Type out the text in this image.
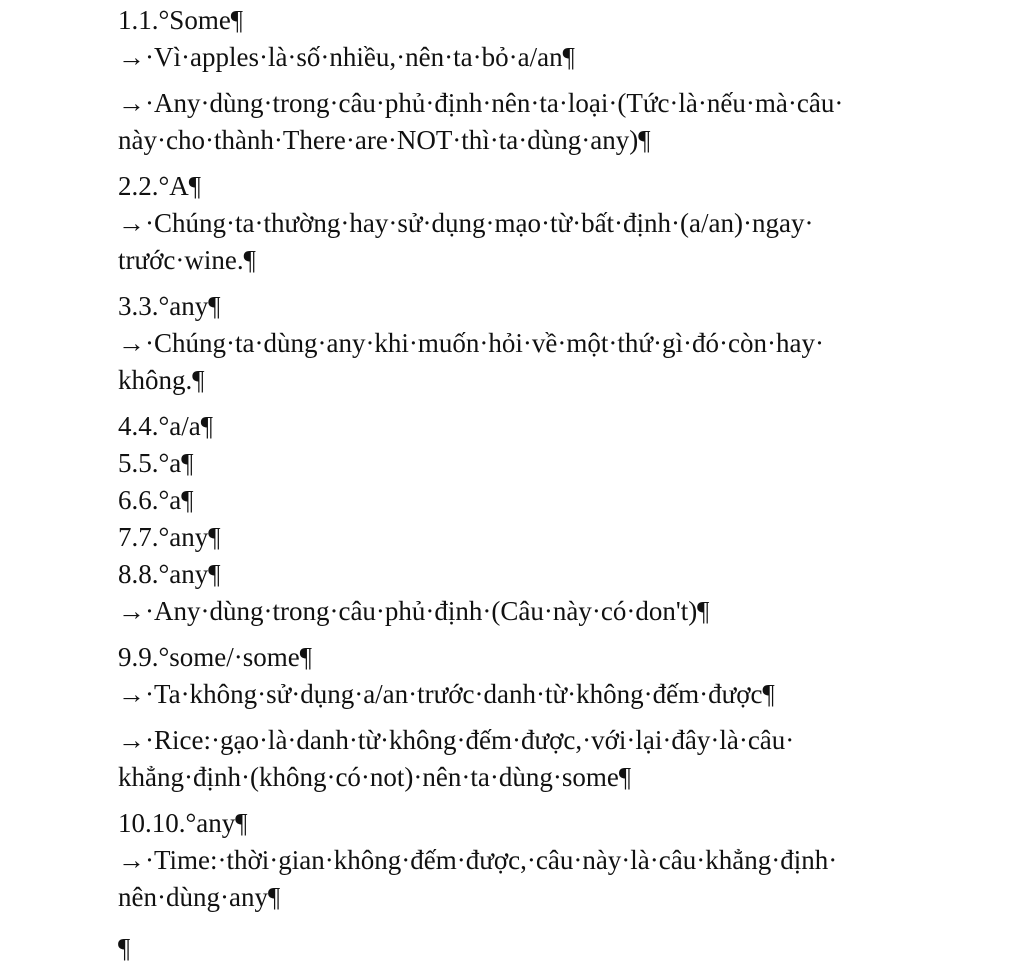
1.1.°Some¶
→·Vì·apples·là·số·nhiều,·nên·ta·bỏ·a/an¶
→·Any·dùng·trong·câu·phủ·định·nên·ta·loại·(Tức·là·nếu·mà·câu·
này·cho·thành·There·are·NOT·thì·ta·dùng·any)¶
2.2.°A¶
→·Chúng·ta·thường·hay·sử·dụng·mạo·từ·bất·định·(a/an)·ngay·
trước·wine.¶
3.3.°any¶
→·Chúng·ta·dùng·any·khi·muốn·hỏi·về·một·thứ·gì·đó·còn·hay·
không.¶
4.4.°a/a¶
5.5.°a¶
6.6.°a¶
7.7.°any¶
8.8.°any¶
→·Any·dùng·trong·câu·phủ·định·(Câu·này·có·don't)¶
9.9.°some/·some¶
→·Ta·không·sử·dụng·a/an·trước·danh·từ·không·đếm·được¶
→·Rice:·gạo·là·danh·từ·không·đếm·được,·với·lại·đây·là·câu·
khẳng·định·(không·có·not)·nên·ta·dùng·some¶
10.10.°any¶
→·Time:·thời·gian·không·đếm·được,·câu·này·là·câu·khẳng·định·
nên·dùng·any¶
¶
